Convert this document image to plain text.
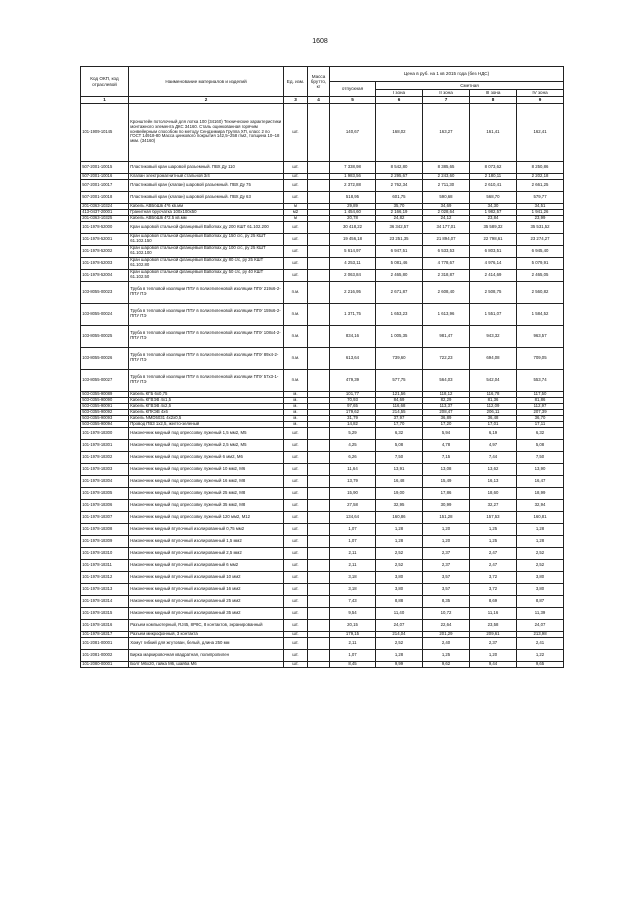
1608
Код ОКП, код отраслевой	Наименование материалов и изделий	Ед. изм.	Масса брутто, кг	Цена в руб. на 1 кв 2015 года (без НДС)				
				отпускная	Сметная			
					I зона	II зона	III зона	IV зона
1	2	3	4	5	6	7	8	9
101-1909-10145	Кронштейн потолочный для лотка 100 (34160) Технические характеристики монтажного элемента ДКС 34160. Сталь оцинкованная горячим конвейерным способом по методу Сендзимира Группа ХП, класс 2 по ГОСТ 14918-80 Масса цинкового покрытия 142,5–258 г/м2, толщина 10–18 мкм. (34160)	шт.		140,67	168,02	163,27	161,41	162,41
507-2001-10015	Пластиковый кран шаровой разъемный. ПВХ Ду 110	шт.		7 338,98	8 542,80	8 385,65	8 073,62	8 250,86
507-2001-10016	Клапан электромагнитный стальной 3/4	шт.		1 983,56	2 295,67	2 243,60	2 180,11	2 202,18
507-2001-10017	Пластиковый кран (клапан) шаровой разъемный. ПВХ Ду 75	шт.		2 372,88	2 762,34	2 711,30	2 610,41	2 661,25
507-2001-10018	Пластиковый кран (клапан) шаровой разъемный. ПВХ Ду 63	шт.		518,95	601,75	590,68	568,70	579,77
201-0363-10324	Кабель АВБбШв 4*6 кв.мм	м		29,89	35,70	34,69	34,30	34,51
413-0437-20001	Гранитная брусчатка 100х100х50	м2		1 454,60	2 166,19	2 028,64	1 982,57	1 941,26
201-0363-10325	Кабель АВБбШв 4*2.5 кв.мм	м		20,78	24,82	24,12	23,84	23,99
101-1978-52000	Кран шаровой стальной фланцевый Ballomax ду 200 КШТ 61.102.200	шт.		30 418,22	36 342,57	34 177,01	35 589,32	35 531,52
101-1978-52001	Кран шаровой стальной фланцевый Ballomax ду 150 с/с, ру 25 КШТ 61.102.150	шт.		19 456,18	23 251,35	21 894,07	22 798,61	23 274,27
101-1978-52002	Кран шаровой стальной фланцевый Ballomax ду 100 с/с, ру 25 КШТ 61.102.100	шт.		5 614,97	6 947,51	6 533,53	6 803,51	6 945,40
101-1978-52003	Кран шаровой стальной фланцевый Ballomax ду 80 с/с, ру 25 КШТ 61.102.80	шт.		4 253,11	5 081,46	4 778,67	4 976,14	5 079,91
101-1978-52004	Кран шаровой стальной фланцевый Ballomax ду 50 с/с, ру 40 КШТ 61.102.50	шт.		2 063,84	2 465,80	2 318,87	2 414,69	2 465,05
103-8055-00023	Труба в тепловой изоляции ППУ в полиэтиленовой изоляции ППУ 219х6-2-ППУ ПЭ	п.м.		2 216,95	2 671,87	2 608,40	2 508,75	2 560,82
103-8055-00024	Труба в тепловой изоляции ППУ в полиэтиленовой изоляции ППУ 159х6-2-ППУ ПЭ	п.м.		1 371,75	1 653,23	1 613,96	1 551,07	1 584,52
103-8055-00025	Труба в тепловой изоляции ППУ в полиэтиленовой изоляции ППУ 108х4-2-ППУ ПЭ	п.м.		834,16	1 005,35	981,47	943,32	963,57
103-8055-00026	Труба в тепловой изоляции ППУ в полиэтиленовой изоляции ППУ 89х4-2-ППУ ПЭ	п.м.		613,64	739,60	722,23	694,08	709,05
103-8055-00027	Труба в тепловой изоляции ППУ в полиэтиленовой изоляции ППУ 57х3-1-ППУ ПЭ	п.м.		479,39	577,75	564,03	542,04	553,74
503-0355-90089	Кабель КГБ 6х0,75	м.		101,77	121,56	118,12	116,78	117,50
503-0355-90090	Кабель КГВЭВ 4х1,5	м.		70,93	84,69	82,29	81,36	81,86
503-0355-90091	Кабель КГВЭВ 4х2,5	м.		97,65	116,68	113,37	112,09	112,97
503-0355-90092	Кабель КПКЭВ 4х6	м.		179,62	214,55	208,47	206,11	207,39
503-0355-90093	Кабель NMD5031 4х2х0,5	м.		31,79	37,97	36,89	36,48	36,70
503-0355-90094	Провод ПВЗ 1х2,5, желто-зеленый	м.		14,82	17,70	17,20	17,01	17,11
101-1978-18300	Наконечник медный под опрессовку луженый 1,5 мм2, М5	шт.		5,29	6,32	5,94	6,19	6,32
101-1978-18301	Наконечник медный под опрессовку луженый 2,5 мм2, М5	шт.		4,25	5,08	4,78	4,97	5,08
101-1978-18302	Наконечник медный под опрессовку луженый 6 мм2, М6	шт.		6,26	7,50	7,15	7,44	7,50
101-1978-18303	Наконечник медный под опрессовку луженый 10 мм2, М6	шт.		11,64	13,91	13,08	13,62	13,90
101-1978-18304	Наконечник медный под опрессовку луженый 16 мм2, М8	шт.		13,79	16,48	15,49	16,13	16,47
101-1978-18305	Наконечник медный под опрессовку луженый 25 мм2, М8	шт.		15,90	19,00	17,86	18,60	18,99
101-1978-18306	Наконечник медный под опрессовку луженый 35 мм2, М8	шт.		27,58	32,95	30,99	32,27	32,94
101-1978-18307	Наконечник медный под опрессовку луженый 120 мм2, М12	шт.		134,64	160,86	151,28	157,53	160,81
101-1978-18308	Наконечник медный втулочный изолированный 0,75 мм2	шт.		1,07	1,28	1,20	1,25	1,28
101-1978-18309	Наконечник медный втулочный изолированный 1,5 мм2	шт.		1,07	1,28	1,20	1,25	1,28
101-1978-18310	Наконечник медный втулочный изолированный 2,5 мм2	шт.		2,11	2,52	2,37	2,47	2,52
101-1978-18311	Наконечник медный втулочный изолированный 6 мм2	шт.		2,11	2,52	2,37	2,47	2,52
101-1978-18312	Наконечник медный втулочный изолированный 10 мм2	шт.		3,18	3,80	3,57	3,72	3,80
101-1978-18313	Наконечник медный втулочный изолированный 16 мм2	шт.		3,18	3,80	3,57	3,72	3,80
101-1978-18314	Наконечник медный втулочный изолированный 25 мм2	шт.		7,43	8,88	8,35	8,69	8,87
101-1978-18315	Наконечник медный втулочный изолированный 35 мм2	шт.		9,54	11,40	10,72	11,16	11,39
101-1978-18316	Разъем компьютерный, RJ45, 8P8C, 8 контактов, экранированный	шт.		20,15	24,07	22,64	23,58	24,07
101-1978-18317	Разъем микрофонный, 3 контакта	шт.		179,15	214,04	201,29	209,61	213,98
101-2081-00001	Хомут гибкий для жгутован, белый, длина 250 мм	шт.		2,11	2,52	2,40	2,37	2,41
101-2081-00002	Бирка маркировочная квадратная, полипропилен	шт.		1,07	1,28	1,25	1,20	1,22
101-2080-00001	Болт М6х20, гайка М6, шайба М6	шт.		8,45	9,99	9,62	9,44	9,65
